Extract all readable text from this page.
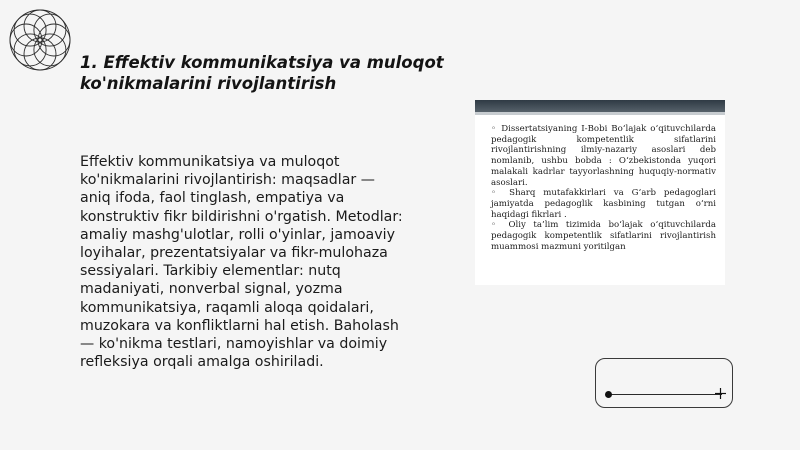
1. Effektiv kommunikatsiya va muloqot ko'nikmalarini rivojlantirish

Effektiv kommunikatsiya va muloqot ko'nikmalarini rivojlantirish: maqsadlar — aniq ifoda, faol tinglash, empatiya va konstruktiv fikr bildirishni o'rgatish. Metodlar: amaliy mashg'ulotlar, rolli o'yinlar, jamoaviy loyihalar, prezentatsiyalar va fikr-mulohaza sessiyalari. Tarkibiy elementlar: nutq madaniyati, nonverbal signal, yozma kommunikatsiya, raqamli aloqa qoidalari, muzokara va konfliktlarni hal etish. Baholash — ko'nikma testlari, namoyishlar va doimiy refleksiya orqali amalga oshiriladi.

◦ Dissertatsiyaning I-Bobi Bo‘lajak o‘qituvchilarda pedagogik kompetentlik sifatlarini rivojlantirishning ilmiy-nazariy asoslari deb nomlanib, ushbu bobda : O‘zbekistonda yuqori malakali kadrlar tayyorlashning huquqiy-normativ asoslari.
◦ Sharq mutafakkirlari va G‘arb pedagoglari jamiyatda pedagoglik kasbining tutgan o‘rni haqidagi fikrlari .
◦ Oliy ta’lim tizimida bo‘lajak o‘qituvchilarda pedagogik kompetentlik sifatlarini rivojlantirish muammosi mazmuni yoritilgan
